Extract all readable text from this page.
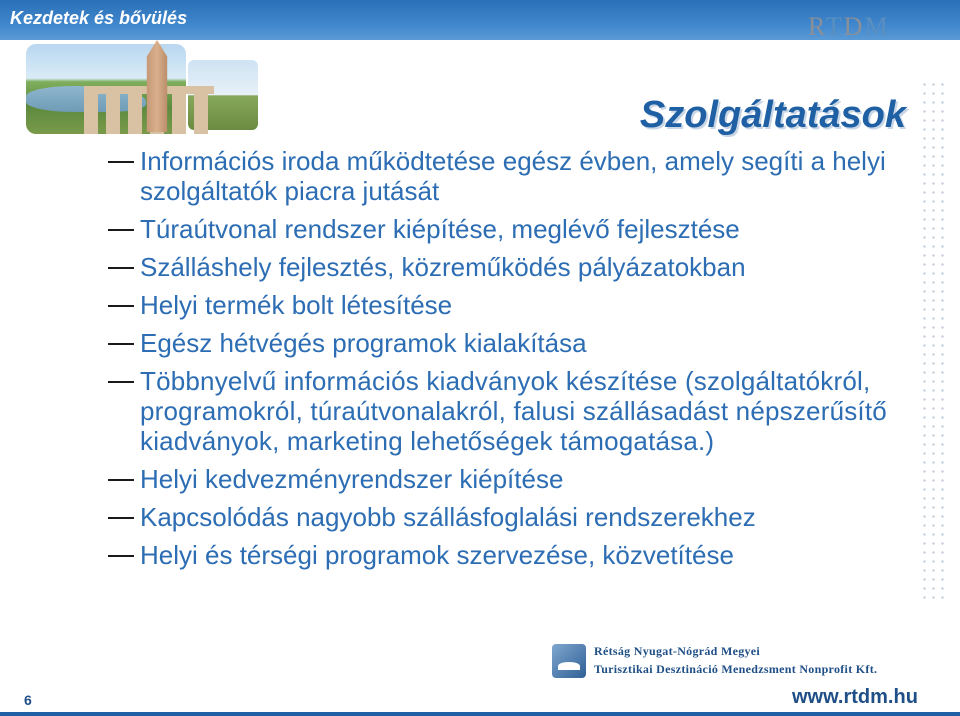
Kezdetek és bővülés	RTDM
Szolgáltatások
Információs iroda működtetése egész évben, amely segíti a helyi szolgáltatók piacra jutását
Túraútvonal rendszer kiépítése, meglévő fejlesztése
Szálláshely fejlesztés, közreműködés pályázatokban
Helyi termék bolt létesítése
Egész hétvégés programok kialakítása
Többnyelvű információs kiadványok készítése (szolgáltatókról, programokról, túraútvonalakról, falusi szállásadást népszerűsítő kiadványok, marketing lehetőségek támogatása.)
Helyi kedvezményrendszer kiépítése
Kapcsolódás nagyobb szállásfoglalási rendszerekhez
Helyi és térségi programok szervezése, közvetítése
Rétság Nyugat-Nógrád Megyei
Turisztikai Desztináció Menedzsment Nonprofit Kft.
6	www.rtdm.hu
